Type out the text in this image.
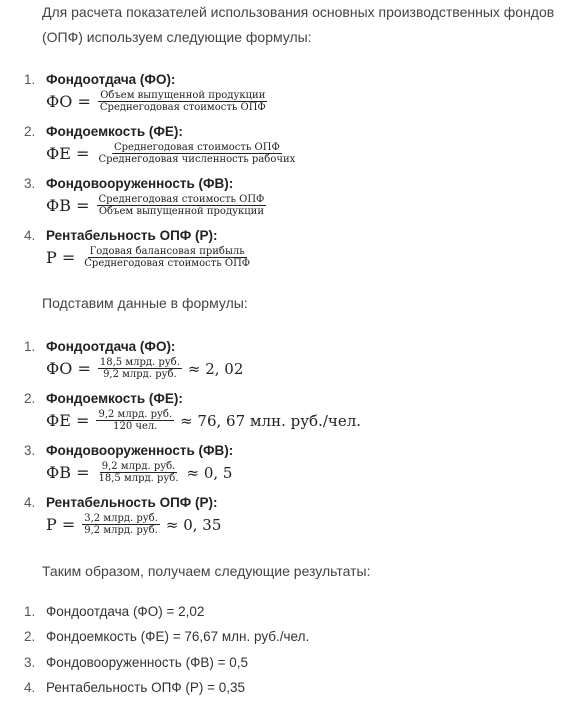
Для расчета показателей использования основных производственных фондов
(ОПФ) используем следующие формулы:
1. Фондоотдача (ФО):
ФО = $\frac{\text{Объем выпущенной продукции}}{\text{Среднегодовая стоимость ОПФ}}$
2. Фондоемкость (ФЕ):
ФЕ = $\frac{\text{Среднегодовая стоимость ОПФ}}{\text{Среднегодовая численность рабочих}}$
3. Фондовооруженность (ФВ):
ФВ = $\frac{\text{Среднегодовая стоимость ОПФ}}{\text{Объем выпущенной продукции}}$
4. Рентабельность ОПФ (Р):
$Р = \frac{\text{Годовая балансовая прибыль}}{\text{Среднегодовая стоимость ОПФ}}$
Подставим данные в формулы:
1. Фондоотдача (ФО):
ФО = $\frac{\text{18,5 млрд. руб.}}{\text{9,2 млрд. руб.}} \approx 2$, 02
2. Фондоемкость (ФЕ):
ФЕ = $\frac{\text{9,2 млрд. руб.}}{\text{120 чел.}} \approx 76$, 67 млн. руб./чел.
3. Фондовооруженность (ФВ):
ФВ = $\frac{\text{9,2 млрд. руб.}}{\text{18,5 млрд. руб.}} \approx 0$, 5
4. Рентабельность ОПФ (Р):
$Р = \frac{\text{3,2 млрд. руб.}}{\text{9,2 млрд. руб.}} \approx 0$, 35
Таким образом, получаем следующие результаты:
1. Фондоотдача (ФО) = 2,02
2. Фондоемкость (ФЕ) = 76,67 млн. руб./чел.
3. Фондовооруженность (ФВ) = 0,5
4. Рентабельность ОПФ (Р) = 0,35
